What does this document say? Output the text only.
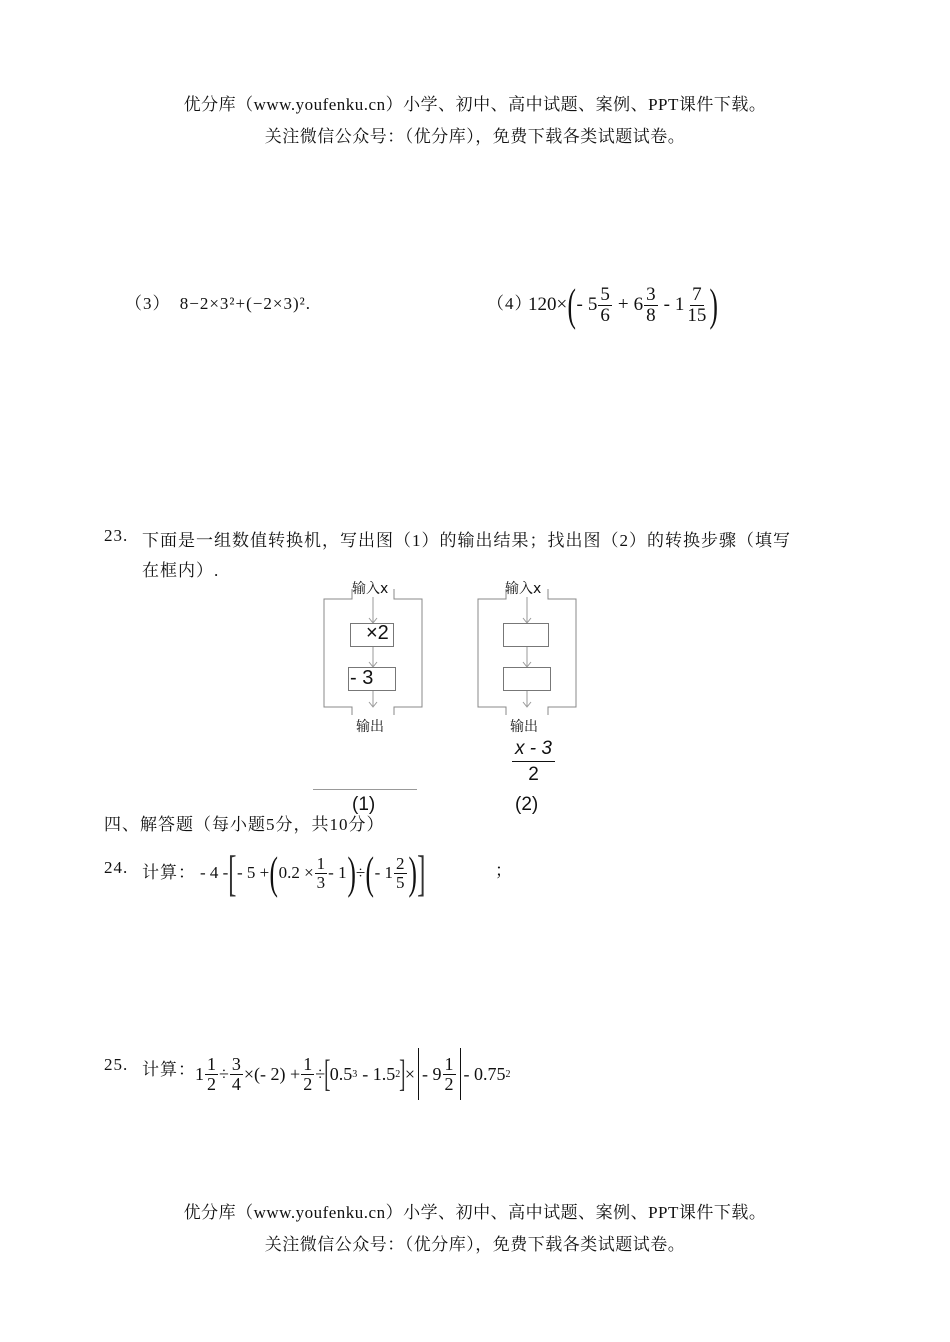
优分库（www.youfenku.cn）小学、初中、高中试题、案例、PPT课件下载。
关注微信公众号：（优分库），免费下载各类试题试卷。
（3） 8−2×3²+(−2×3)².	（4）
120 × ( - $5 \frac{5}{6} + 6 \frac{3}{8} - 1 \frac{7}{15}$ )
23. 下面是一组数值转换机，写出图（1）的输出结果；找出图（2）的转换步骤（填写
在框内）.
输入x
×2
- 3
输出
(1)
输入x
输出
$\frac{x - 3}{2}$
(2)
四、解答题（每小题5分，共10分）
24. 计算： - 4 - [ - 5 + ( $0.2 \times \frac{1}{3} - 1$ ) ÷ ( - $1 \frac{2}{5}$ ) ]	；
25. 计算： $1 \frac{1}{2} \div \frac{3}{4}$ ×(- $2) + \frac{1}{2}$ ÷ [ 0.5 3 - 1.5 2 ] × - $9 \frac{1}{2} - 0.75$ 2
优分库（www.youfenku.cn）小学、初中、高中试题、案例、PPT课件下载。
关注微信公众号：（优分库），免费下载各类试题试卷。
